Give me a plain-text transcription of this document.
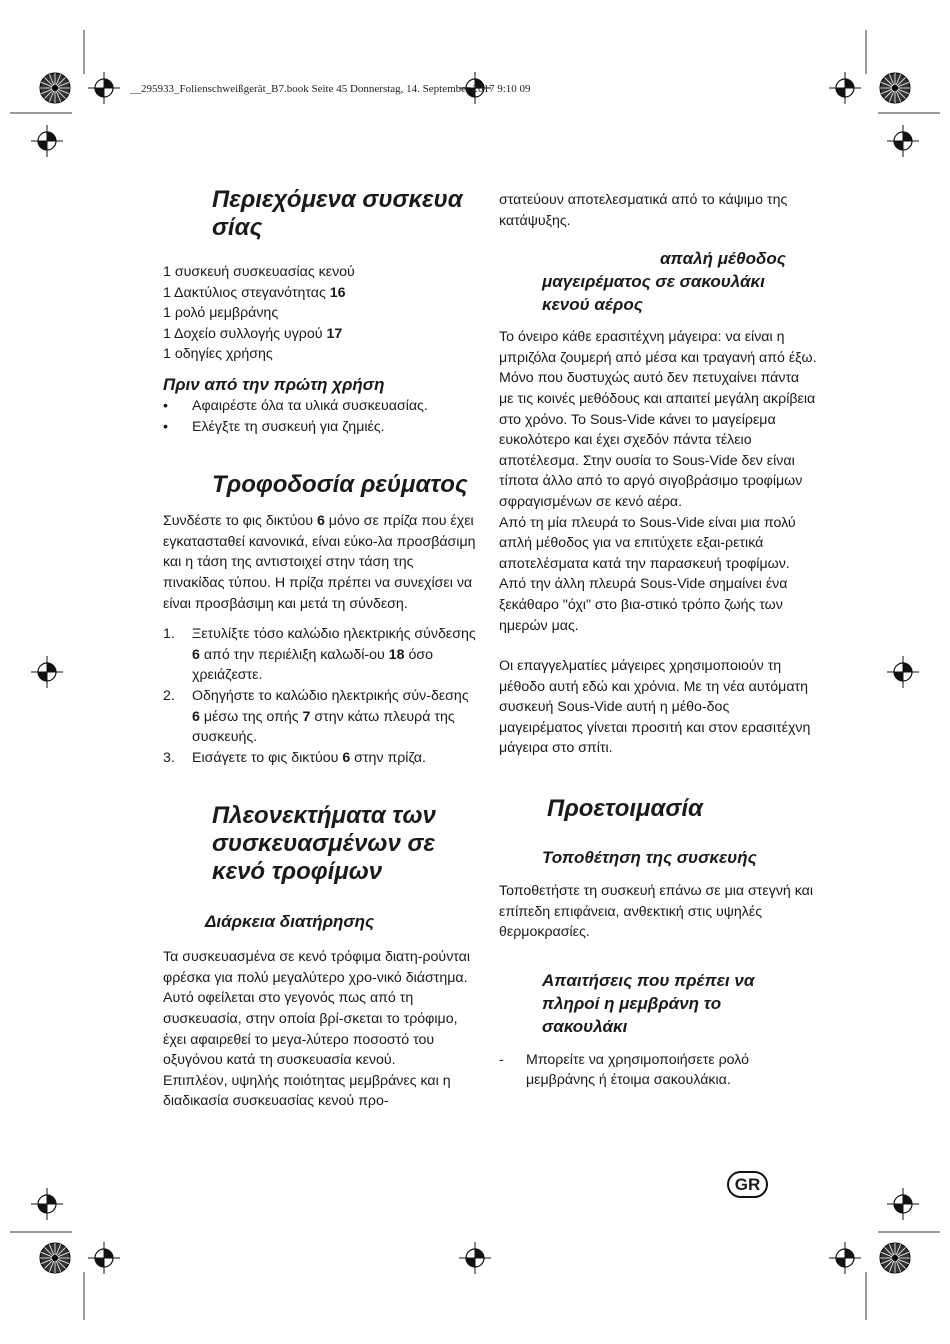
__295933_Folienschweißgerät_B7.book Seite 45 Donnerstag, 14. September 2017 9:10 09

Περιεχόμενα συσκευα

σίας

1 συσκευή συσκευασίας κενού

1 Δακτύλιος στεγανότητας 16

1 ρολό μεμβράνης

1 Δοχείο συλλογής υγρού 17

1 οδηγίες χρήσης

Πριν από την πρώτη χρήση

• Αφαιρέστε όλα τα υλικά συσκευασίας.
• Ελέγξτε τη συσκευή για ζημιές.

Τροφοδοσία ρεύματος

Συνδέστε το φις δικτύου 6 μόνο σε πρίζα που έχει εγκατασταθεί κανονικά, είναι εύκο-λα προσβάσιμη και η τάση της αντιστοιχεί στην τάση της πινακίδας τύπου. Η πρίζα πρέπει να συνεχίσει να είναι προσβάσιμη και μετά τη σύνδεση.

1. Ξετυλίξτε τόσο καλώδιο ηλεκτρικής σύνδεσης 6 από την περιέλιξη καλωδί-ου 18 όσο χρειάζεστε.
2. Οδηγήστε το καλώδιο ηλεκτρικής σύν-δεσης 6 μέσω της οπής 7 στην κάτω πλευρά της συσκευής.
3. Εισάγετε το φις δικτύου 6 στην πρίζα.

Πλεονεκτήματα των

συσκευασμένων σε

κενό τροφίμων

Διάρκεια διατήρησης

Τα συσκευασμένα σε κενό τρόφιμα διατη-ρούνται φρέσκα για πολύ μεγαλύτερο χρο-νικό διάστημα. Αυτό οφείλεται στο γεγονός πως από τη συσκευασία, στην οποία βρί-σκεται το τρόφιμο, έχει αφαιρεθεί το μεγα-λύτερο ποσοστό του οξυγόνου κατά τη συσκευασία κενού.

Επιπλέον, υψηλής ποιότητας μεμβράνες και η διαδικασία συσκευασίας κενού προ-

στατεύουν αποτελεσματικά από το κάψιμο της κατάψυξης.

απαλή μέθοδος

μαγειρέματος σε σακουλάκι

κενού αέρος

Το όνειρο κάθε ερασιτέχνη μάγειρα: να είναι η μπριζόλα ζουμερή από μέσα και τραγανή από έξω. Μόνο που δυστυχώς αυτό δεν πετυχαίνει πάντα με τις κοινές μεθόδους και απαιτεί μεγάλη ακρίβεια στο χρόνο. Το Sous-Vide κάνει το μαγείρεμα ευκολότερο και έχει σχεδόν πάντα τέλειο αποτέλεσμα. Στην ουσία το Sous-Vide δεν είναι τίποτα άλλο από το αργό σιγοβράσιμο τροφίμων σφραγισμένων σε κενό αέρα.

Από τη μία πλευρά το Sous-Vide είναι μια πολύ απλή μέθοδος για να επιτύχετε εξαι-ρετικά αποτελέσματα κατά την παρασκευή τροφίμων. Από την άλλη πλευρά Sous-Vide σημαίνει ένα ξεκάθαρο "όχι" στο βια-στικό τρόπο ζωής των ημερών μας.

Οι επαγγελματίες μάγειρες χρησιμοποιούν τη μέθοδο αυτή εδώ και χρόνια. Με τη νέα αυτόματη συσκευή Sous-Vide αυτή η μέθο-δος μαγειρέματος γίνεται προσιτή και στον ερασιτέχνη μάγειρα στο σπίτι.

Προετοιμασία

Τοποθέτηση της συσκευής

Τοποθετήστε τη συσκευή επάνω σε μια στεγνή και επίπεδη επιφάνεια, ανθεκτική στις υψηλές θερμοκρασίες.

Απαιτήσεις που πρέπει να

πληροί η μεμβράνη το

σακουλάκι

- Μπορείτε να χρησιμοποιήσετε ρολό μεμβράνης ή έτοιμα σακουλάκια.
GR
